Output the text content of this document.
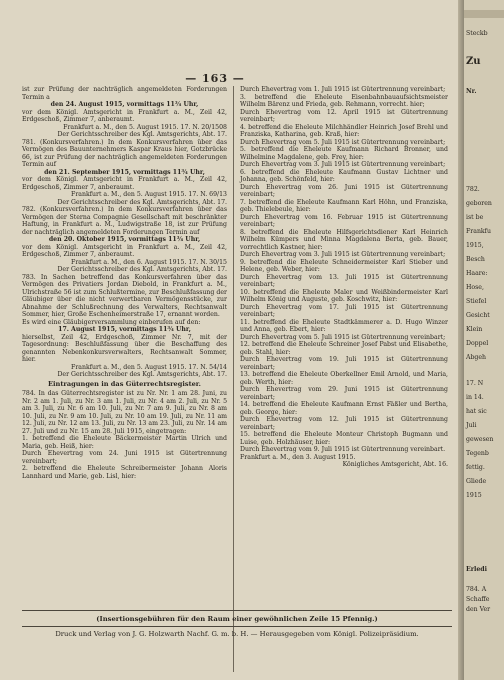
— 163 —

ist zur Prüfung der nachträglich angemeldeten Forderungen Termin a

den 24. August 1915, vormittags 11¾ Uhr,

vor dem Königl. Amtsgericht in Frankfurt a. M., Zeil 42, Erdgeschoß, Zimmer 7, anberaumt.

Frankfurt a. M., den 5. August 1915. 17. N. 20/1508

Der Gerichtsschreiber des Kgl. Amtsgerichts, Abt. 17.

781. (Konkursverfahren.) In dem Konkursverfahren über das Vermögen des Bauunternehmers Kaspar Kraus hier, Gotzbrücke 66, ist zur Prüfung der nachträglich angemeldeten Forderungen Termin auf

den 21. September 1915, vormittags 11¾ Uhr,

vor dem Königl. Amtsgericht in Frankfurt a. M., Zeil 42, Erdgeschoß, Zimmer 7, anberaumt.

Frankfurt a. M., den 5. August 1915. 17. N. 69/13

Der Gerichtsschreiber des Kgl. Amtsgerichts, Abt. 17.

782. (Konkursverfahren.) In dem Konkursverfahren über das Vermögen der Sterna Compagnie Gesellschaft mit beschränkter Haftung, in Frankfurt a. M., Ludwigstraße 18, ist zur Prüfung der nachträglich angemeldeten Forderungen Termin auf

den 20. Oktober 1915, vormittags 11¾ Uhr,

vor dem Königl. Amtsgericht in Frankfurt a. M., Zeil 42, Erdgeschoß, Zimmer 7, anberaumt.

Frankfurt a. M., den 6. August 1915. 17. N. 30/15

Der Gerichtsschreiber des Kgl. Amtsgerichts, Abt. 17.

783. In Sachen betreffend das Konkursverfahren über das Vermögen des Privatiers Jordan Diebold, in Frankfurt a. M., Ulrichstraße 56 ist zum Schlußtermine, zur Beschlußfassung der Gläubiger über die nicht verwertbaren Vermögensstücke, zur Abnahme der Schlußrechnung des Verwalters, Rechtsanwalt Sommer, hier, Große Eschenheimerstraße 17, ernannt worden.

Es wird eine Gläubigerversammlung einberufen auf den:

17. August 1915, vormittags 11¾ Uhr,

hierselbst, Zeil 42, Erdgeschoß, Zimmer Nr. 7, mit der Tagesordnung: Beschlußfassung über die Beschaffung des genannten Nebenkonkursverwalters, Rechtsanwalt Sommer, hier.

Frankfurt a. M., den 5. August 1915. 17. N. 54/14

Der Gerichtsschreiber des Kgl. Amtsgerichts, Abt. 17.

Eintragungen in das Güterrechtsregister.

784. In das Güterrechtsregister ist zu Nr. Nr. 1 am 28. Juni, zu Nr. 2 am 1. Juli, zu Nr. 3 am 1. Juli, zu Nr. 4 am 2. Juli, zu Nr. 5 am 3. Juli, zu Nr. 6 am 10. Juli, zu Nr. 7 am 9. Juli, zu Nr. 8 am 10. Juli, zu Nr. 9 am 10. Juli, zu Nr. 10 am 19. Juli, zu Nr. 11 am 12. Juli, zu Nr. 12 am 13. Juli, zu Nr. 13 am 23. Juli, zu Nr. 14 am 27. Juli und zu Nr. 15 am 28. Juli 1915, eingetragen:

1. betreffend die Eheleute Bäckermeister Martin Ulrich und Maria, geb. Heiß, hier:

Durch Ehevertrag vom 24. Juni 1915 ist Gütertrennung vereinbart;

2. betreffend die Eheleute Schreibermeister Johann Aloris Lannhard und Marie, geb. Lisl, hier:

Durch Ehevertrag vom 1. Juli 1915 ist Gütertrennung vereinbart;

3. betreffend die Eheleute Eisenbahnbauaufsichtsmeister Wilhelm Bärenz und Frieda, geb. Rehmann, vorrecht. hier;

Durch Ehevertrag vom 12. April 1915 ist Gütertrennung vereinbart;

4. betreffend die Eheleute Milchhändler Heinrich Josef Brehl und Franziska, Katharina, geb. Kraß, hier:

Durch Ehevertrag vom 5. Juli 1915 ist Gütertrennung vereinbart;

5. betreffend die Eheleute Kaufmann Richard Bronner, und Wilhelmine Magdalene, geb. Frey, hier:

Durch Ehevertrag vom 3. Juli 1915 ist Gütertrennung vereinbart;

6. betreffend die Eheleute Kaufmann Gustav Lichtner und Johanna, geb. Schönfeld, hier:

Durch Ehevertrag vom 26. Juni 1915 ist Gütertrennung vereinbart;

7. betreffend die Eheleute Kaufmann Karl Höhn, und Franziska, geb. Thielebeule, hier:

Durch Ehevertrag vom 16. Februar 1915 ist Gütertrennung vereinbart;

8. betreffend die Eheleute Hilfsgerichtsdiener Karl Heinrich Wilhelm Kümpers und Minna Magdalena Berta, geb. Bauer, vorrechtlich Kastner, hier:

Durch Ehevertrag vom 3. Juli 1915 ist Gütertrennung vereinbart;

9. betreffend die Eheleute Schneidermeister Karl Stieber und Helene, geb. Weber, hier:

Durch Ehevertrag vom 13. Juli 1915 ist Gütertrennung vereinbart;

10. betreffend die Eheleute Maler und Weißbindermeister Karl Wilhelm König und Auguste, geb. Koschwitz, hier:

Durch Ehevertrag vom 17. Juli 1915 ist Gütertrennung vereinbart;

11. betreffend die Eheleute Stadtkämmerer a. D. Hugo Winzer und Anna, geb. Ebert, hier:

Durch Ehevertrag vom 5. Juli 1915 ist Gütertrennung vereinbart;

12. betreffend die Eheleute Schreiner Josef Pabst und Elisabethe, geb. Stahl, hier:

Durch Ehevertrag vom 19. Juli 1915 ist Gütertrennung vereinbart;

13. betreffend die Eheleute Oberkellner Emil Arnold, und Maria, geb. Werth, hier:

Durch Ehevertrag vom 29. Juni 1915 ist Gütertrennung vereinbart;

14. betreffend die Eheleute Kaufmann Ernst Fäßler und Bertha, geb. George, hier:

Durch Ehevertrag vom 12. Juli 1915 ist Gütertrennung vereinbart;

15. betreffend die Eheleute Monteur Christoph Bugmann und Luise, geb. Holzhäuser, hier:

Durch Ehevertrag vom 9. Juli 1915 ist Gütertrennung vereinbart.

Frankfurt a. M., den 3. August 1915.

Königliches Amtsgericht, Abt. 16.

(Insertionsgebühren für den Raum einer gewöhnlichen Zeile 15 Pfennig.)
Druck und Verlag von J. G. Holzwarth Nachf. G. m. b. H. — Herausgegeben vom Königl. Polizeipräsidium.
Steckb
Zu
Nr.
782.
geboren
ist be
Frankfu
1915,
Besch
Haare:
Hose,
Stiefel
Gesicht
Klein
Doppel
Abgeh
17. N
in 14.
hat sic
Juli
gewesen
Tegenb
fettig.
Gliede
1915
Erledi
784. A
Schaffe
den Ver
